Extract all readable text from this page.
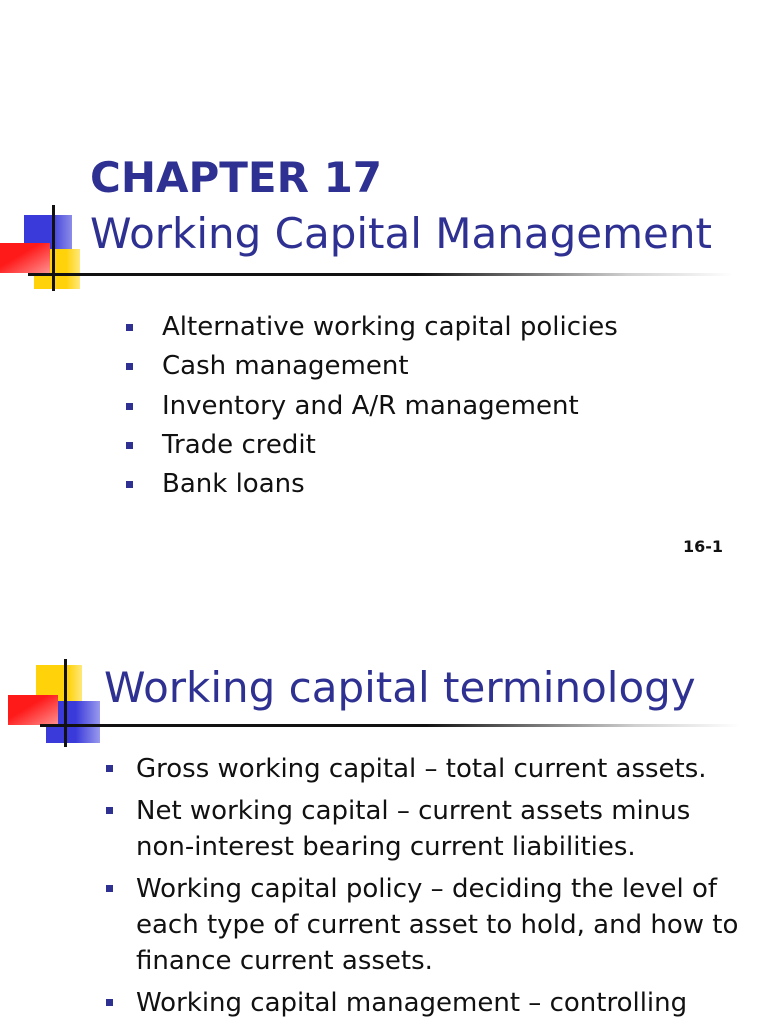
CHAPTER 17
Working Capital Management
Alternative working capital policies
Cash management
Inventory and A/R management
Trade credit
Bank loans
16-1
Working capital terminology
Gross working capital – total current assets.
Net working capital – current assets minus non-interest bearing current liabilities.
Working capital policy – deciding the level of each type of current asset to hold, and how to finance current assets.
Working capital management – controlling
